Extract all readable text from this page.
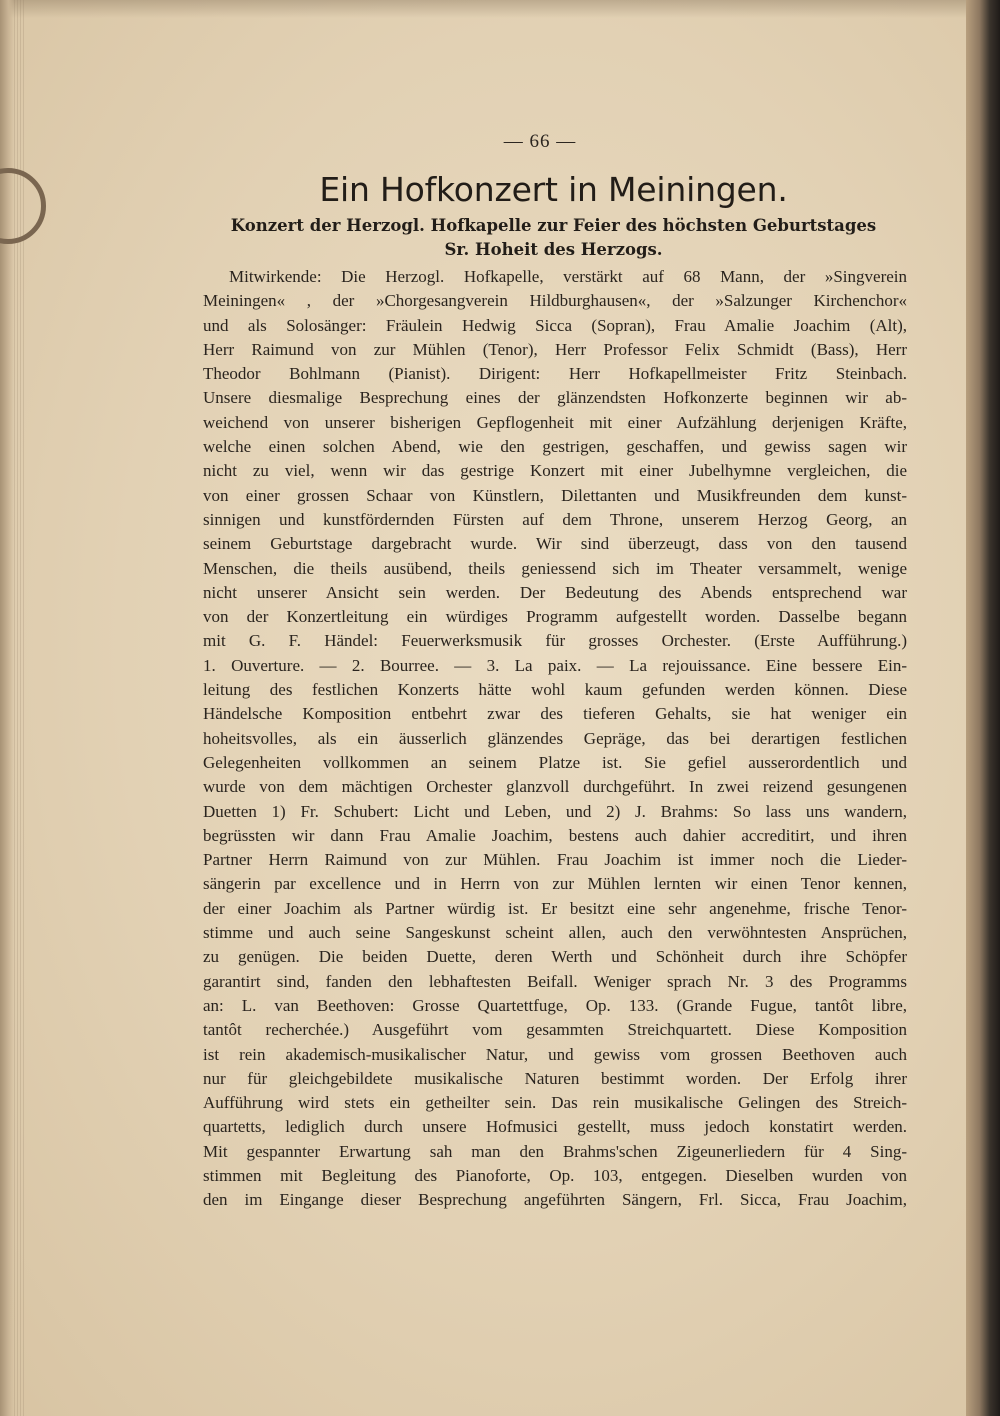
— 66 —
Ein Hofkonzert in Meiningen.
Konzert der Herzogl. Hofkapelle zur Feier des höchsten Geburtstages
Sr. Hoheit des Herzogs.
Mitwirkende: Die Herzogl. Hofkapelle, verstärkt auf 68 Mann, der »Singverein
Meiningen« , der »Chorgesangverein Hildburghausen«, der »Salzunger Kirchenchor«
und als Solosänger: Fräulein Hedwig Sicca (Sopran), Frau Amalie Joachim (Alt),
Herr Raimund von zur Mühlen (Tenor), Herr Professor Felix Schmidt (Bass), Herr
Theodor Bohlmann (Pianist). Dirigent: Herr Hofkapellmeister Fritz Steinbach.
Unsere diesmalige Besprechung eines der glänzendsten Hofkonzerte beginnen wir ab-
weichend von unserer bisherigen Gepflogenheit mit einer Aufzählung derjenigen Kräfte,
welche einen solchen Abend, wie den gestrigen, geschaffen, und gewiss sagen wir
nicht zu viel, wenn wir das gestrige Konzert mit einer Jubelhymne vergleichen, die
von einer grossen Schaar von Künstlern, Dilettanten und Musikfreunden dem kunst-
sinnigen und kunstfördernden Fürsten auf dem Throne, unserem Herzog Georg, an
seinem Geburtstage dargebracht wurde. Wir sind überzeugt, dass von den tausend
Menschen, die theils ausübend, theils geniessend sich im Theater versammelt, wenige
nicht unserer Ansicht sein werden. Der Bedeutung des Abends entsprechend war
von der Konzertleitung ein würdiges Programm aufgestellt worden. Dasselbe begann
mit G. F. Händel: Feuerwerksmusik für grosses Orchester. (Erste Aufführung.)
1. Ouverture. — 2. Bourree. — 3. La paix. — La rejouissance. Eine bessere Ein-
leitung des festlichen Konzerts hätte wohl kaum gefunden werden können. Diese
Händelsche Komposition entbehrt zwar des tieferen Gehalts, sie hat weniger ein
hoheitsvolles, als ein äusserlich glänzendes Gepräge, das bei derartigen festlichen
Gelegenheiten vollkommen an seinem Platze ist. Sie gefiel ausserordentlich und
wurde von dem mächtigen Orchester glanzvoll durchgeführt. In zwei reizend gesungenen
Duetten 1) Fr. Schubert: Licht und Leben, und 2) J. Brahms: So lass uns wandern,
begrüssten wir dann Frau Amalie Joachim, bestens auch dahier accreditirt, und ihren
Partner Herrn Raimund von zur Mühlen. Frau Joachim ist immer noch die Lieder-
sängerin par excellence und in Herrn von zur Mühlen lernten wir einen Tenor kennen,
der einer Joachim als Partner würdig ist. Er besitzt eine sehr angenehme, frische Tenor-
stimme und auch seine Sangeskunst scheint allen, auch den verwöhntesten Ansprüchen,
zu genügen. Die beiden Duette, deren Werth und Schönheit durch ihre Schöpfer
garantirt sind, fanden den lebhaftesten Beifall. Weniger sprach Nr. 3 des Programms
an: L. van Beethoven: Grosse Quartettfuge, Op. 133. (Grande Fugue, tantôt libre,
tantôt recherchée.) Ausgeführt vom gesammten Streichquartett. Diese Komposition
ist rein akademisch-musikalischer Natur, und gewiss vom grossen Beethoven auch
nur für gleichgebildete musikalische Naturen bestimmt worden. Der Erfolg ihrer
Aufführung wird stets ein getheilter sein. Das rein musikalische Gelingen des Streich-
quartetts, lediglich durch unsere Hofmusici gestellt, muss jedoch konstatirt werden.
Mit gespannter Erwartung sah man den Brahms'schen Zigeunerliedern für 4 Sing-
stimmen mit Begleitung des Pianoforte, Op. 103, entgegen. Dieselben wurden von
den im Eingange dieser Besprechung angeführten Sängern, Frl. Sicca, Frau Joachim,
